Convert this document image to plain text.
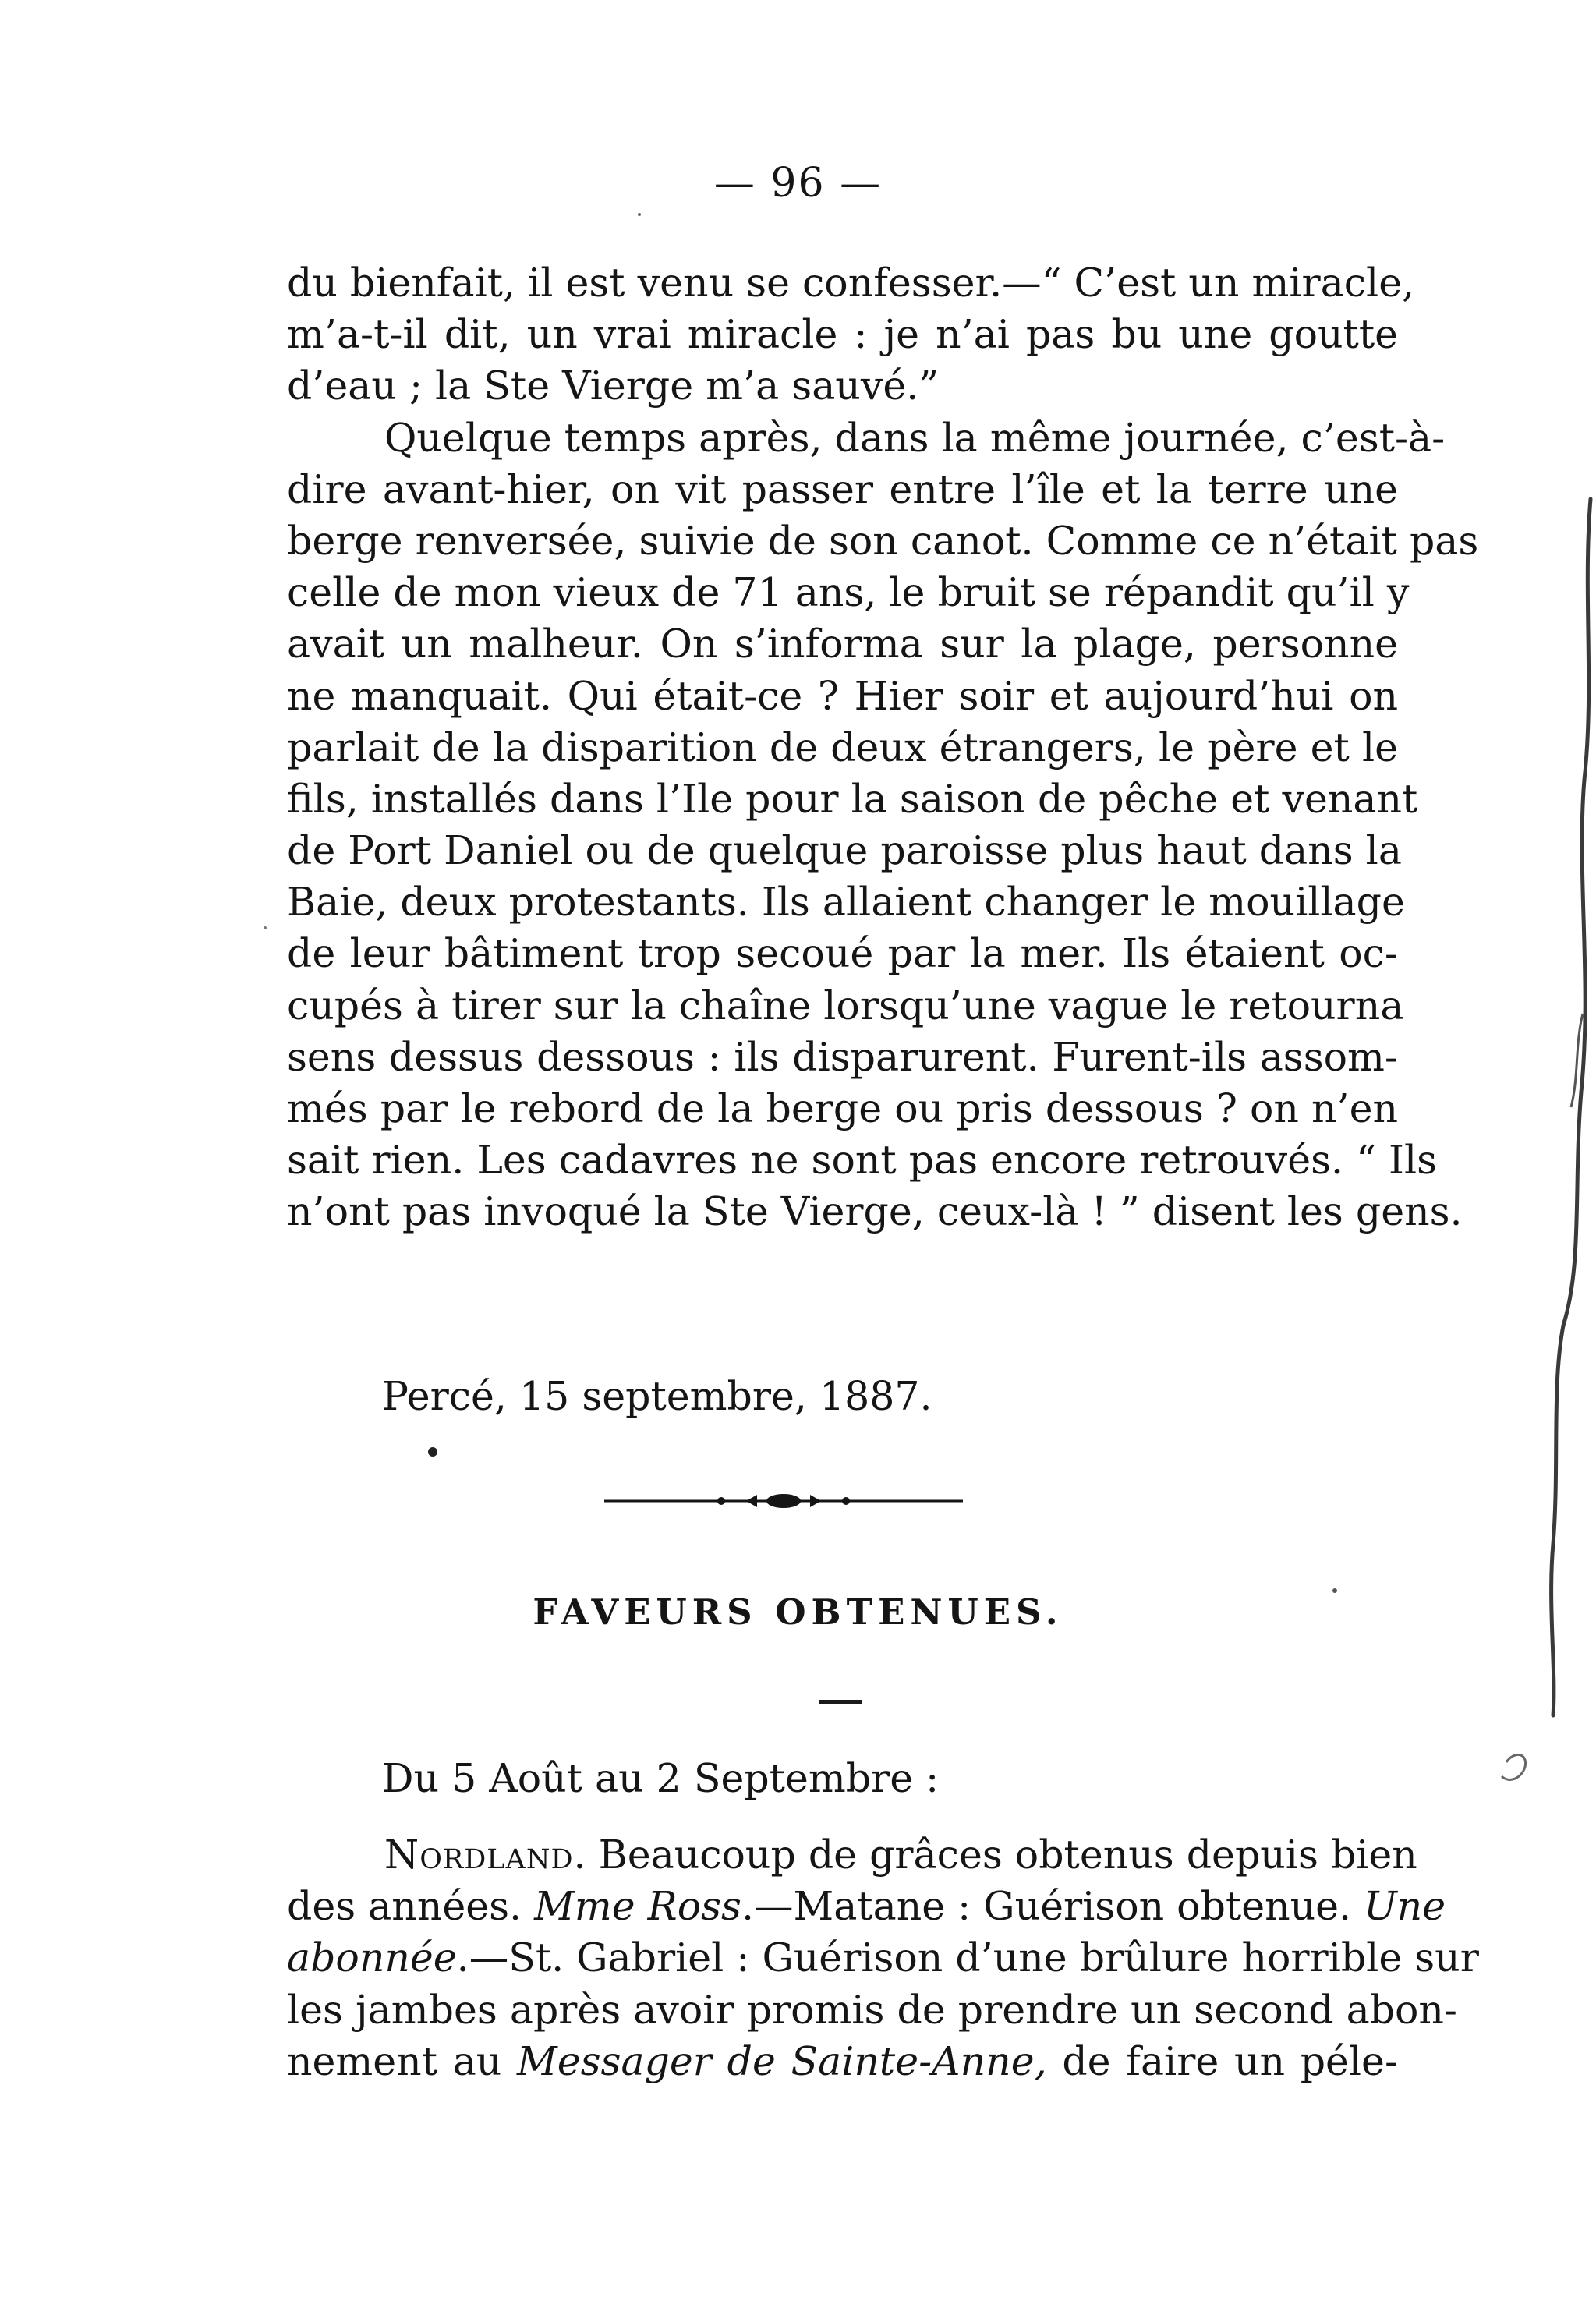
— 96 —
du bienfait, il est venu se confesser.—“ C’est un miracle,
m’a-t-il dit, un vrai miracle : je n’ai pas bu une goutte
d’eau ; la Ste Vierge m’a sauvé.”
Quelque temps après, dans la même journée, c’est-à-
dire avant-hier, on vit passer entre l’île et la terre une
berge renversée, suivie de son canot. Comme ce n’était pas
celle de mon vieux de 71 ans, le bruit se répandit qu’il y
avait un malheur. On s’informa sur la plage, personne
ne manquait. Qui était-ce ? Hier soir et aujourd’hui on
parlait de la disparition de deux étrangers, le père et le
fils, installés dans l’Ile pour la saison de pêche et venant
de Port Daniel ou de quelque paroisse plus haut dans la
Baie, deux protestants. Ils allaient changer le mouillage
de leur bâtiment trop secoué par la mer. Ils étaient oc-
cupés à tirer sur la chaîne lorsqu’une vague le retourna
sens dessus dessous : ils disparurent. Furent-ils assom-
més par le rebord de la berge ou pris dessous ? on n’en
sait rien. Les cadavres ne sont pas encore retrouvés. “ Ils
n’ont pas invoqué la Ste Vierge, ceux-là ! ” disent les gens.
Percé, 15 septembre, 1887.
FAVEURS OBTENUES.
Du 5 Août au 2 Septembre :
Nordland. Beaucoup de grâces obtenus depuis bien
des années. Mme Ross.—Matane : Guérison obtenue. Une
abonnée.—St. Gabriel : Guérison d’une brûlure horrible sur
les jambes après avoir promis de prendre un second abon-
nement au Messager de Sainte-Anne, de faire un péle-
